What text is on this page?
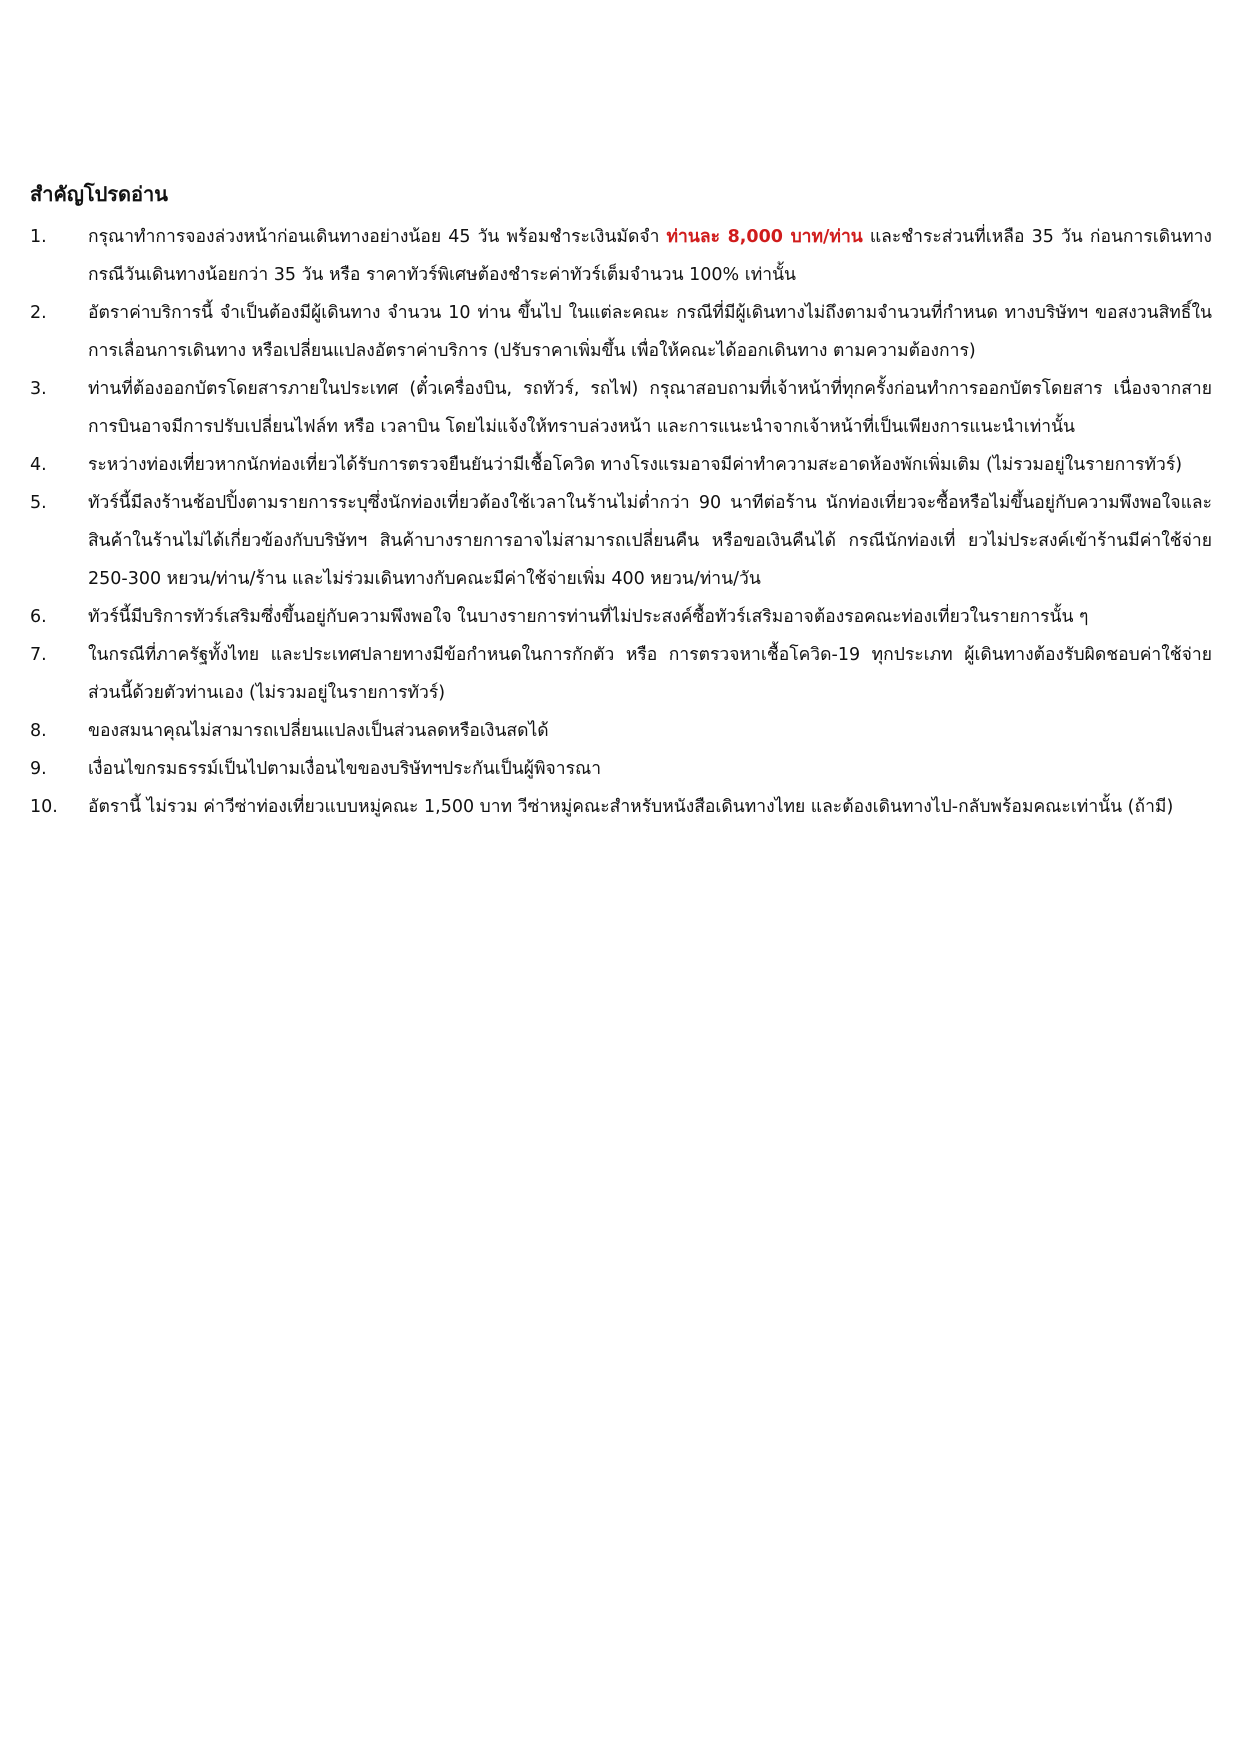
สำคัญโปรดอ่าน
1.	กรุณาทำการจองล่วงหน้าก่อนเดินทางอย่างน้อย 45 วัน พร้อมชำระเงินมัดจำ ท่านละ 8,000 บาท/ท่าน และชำระส่วนที่เหลือ 35 วัน ก่อนการเดินทาง กรณีวันเดินทางน้อยกว่า 35 วัน หรือ ราคาทัวร์พิเศษต้องชำระค่าทัวร์เต็มจำนวน 100% เท่านั้น
2.	อัตราค่าบริการนี้ จำเป็นต้องมีผู้เดินทาง จำนวน 10 ท่าน ขึ้นไป ในแต่ละคณะ กรณีที่มีผู้เดินทางไม่ถึงตามจำนวนที่กำหนด ทางบริษัทฯ ขอสงวนสิทธิ์ในการเลื่อนการเดินทาง หรือเปลี่ยนแปลงอัตราค่าบริการ (ปรับราคาเพิ่มขึ้น เพื่อให้คณะได้ออกเดินทาง ตามความต้องการ)
3.	ท่านที่ต้องออกบัตรโดยสารภายในประเทศ (ตั๋วเครื่องบิน, รถทัวร์, รถไฟ) กรุณาสอบถามที่เจ้าหน้าที่ทุกครั้งก่อนทำการออกบัตรโดยสาร เนื่องจากสายการบินอาจมีการปรับเปลี่ยนไฟล์ท หรือ เวลาบิน โดยไม่แจ้งให้ทราบล่วงหน้า และการแนะนำจากเจ้าหน้าที่เป็นเพียงการแนะนำเท่านั้น
4.	ระหว่างท่องเที่ยวหากนักท่องเที่ยวได้รับการตรวจยืนยันว่ามีเชื้อโควิด ทางโรงแรมอาจมีค่าทำความสะอาดห้องพักเพิ่มเติม (ไม่รวมอยู่ในรายการทัวร์)
5.	ทัวร์นี้มีลงร้านช้อปปิ้งตามรายการระบุซึ่งนักท่องเที่ยวต้องใช้เวลาในร้านไม่ต่ำกว่า 90 นาทีต่อร้าน นักท่องเที่ยวจะซื้อหรือไม่ขึ้นอยู่กับความพึงพอใจและสินค้าในร้านไม่ได้เกี่ยวข้องกับบริษัทฯ สินค้าบางรายการอาจไม่สามารถเปลี่ยนคืน หรือขอเงินคืนได้ กรณีนักท่องเที่ ยวไม่ประสงค์เข้าร้านมีค่าใช้จ่าย 250-300 หยวน/ท่าน/ร้าน และไม่ร่วมเดินทางกับคณะมีค่าใช้จ่ายเพิ่ม 400 หยวน/ท่าน/วัน
6.	ทัวร์นี้มีบริการทัวร์เสริมซึ่งขึ้นอยู่กับความพึงพอใจ ในบางรายการท่านที่ไม่ประสงค์ซื้อทัวร์เสริมอาจต้องรอคณะท่องเที่ยวในรายการนั้น ๆ
7.	ในกรณีที่ภาครัฐทั้งไทย และประเทศปลายทางมีข้อกำหนดในการกักตัว หรือ การตรวจหาเชื้อโควิด-19 ทุกประเภท ผู้เดินทางต้องรับผิดชอบค่าใช้จ่ายส่วนนี้ด้วยตัวท่านเอง (ไม่รวมอยู่ในรายการทัวร์)
8.	ของสมนาคุณไม่สามารถเปลี่ยนแปลงเป็นส่วนลดหรือเงินสดได้
9.	เงื่อนไขกรมธรรม์เป็นไปตามเงื่อนไขของบริษัทฯประกันเป็นผู้พิจารณา
10.	อัตรานี้ ไม่รวม ค่าวีซ่าท่องเที่ยวแบบหมู่คณะ 1,500 บาท วีซ่าหมู่คณะสำหรับหนังสือเดินทางไทย และต้องเดินทางไป-กลับพร้อมคณะเท่านั้น (ถ้ามี)
